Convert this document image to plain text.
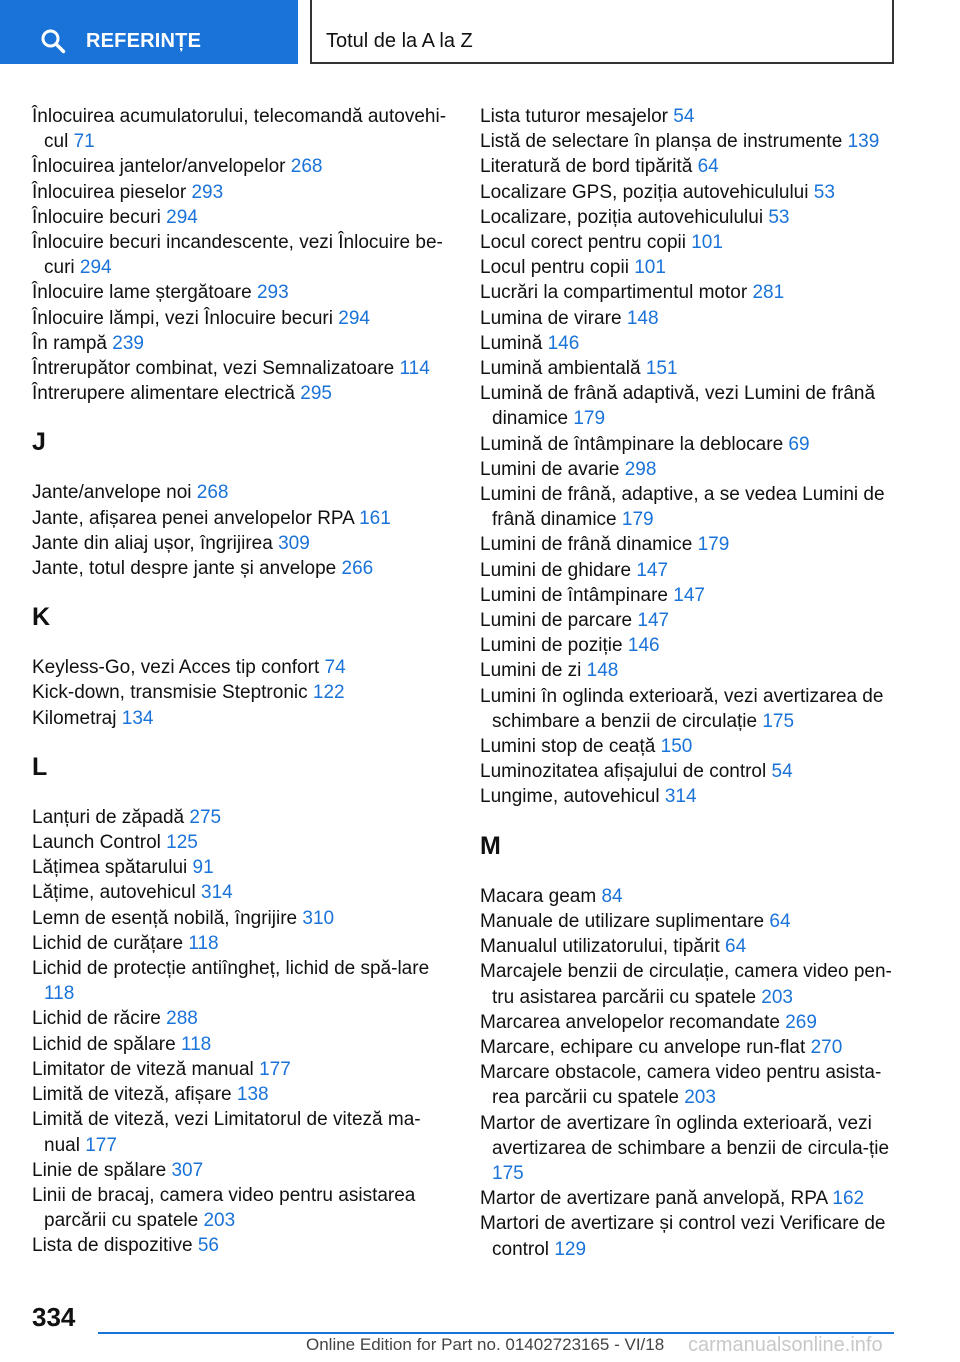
REFERINȚE	Totul de la A la Z
Înlocuirea acumulatorului, telecomandă autovehi-cul 71
Înlocuirea jantelor/anvelopelor 268
Înlocuirea pieselor 293
Înlocuire becuri 294
Înlocuire becuri incandescente, vezi Înlocuire be-curi 294
Înlocuire lame ștergătoare 293
Înlocuire lămpi, vezi Înlocuire becuri 294
În rampă 239
Întrerupător combinat, vezi Semnalizatoare 114
Întrerupere alimentare electrică 295
J
Jante/anvelope noi 268
Jante, afișarea penei anvelopelor RPA 161
Jante din aliaj ușor, îngrijirea 309
Jante, totul despre jante și anvelope 266
K
Keyless-Go, vezi Acces tip confort 74
Kick-down, transmisie Steptronic 122
Kilometraj 134
L
Lanțuri de zăpadă 275
Launch Control 125
Lățimea spătarului 91
Lățime, autovehicul 314
Lemn de esență nobilă, îngrijire 310
Lichid de curățare 118
Lichid de protecție antiîngheț, lichid de spă-lare 118
Lichid de răcire 288
Lichid de spălare 118
Limitator de viteză manual 177
Limită de viteză, afișare 138
Limită de viteză, vezi Limitatorul de viteză ma-nual 177
Linie de spălare 307
Linii de bracaj, camera video pentru asistarea parcării cu spatele 203
Lista de dispozitive 56
Lista tuturor mesajelor 54
Listă de selectare în planșa de instrumente 139
Literatură de bord tipărită 64
Localizare GPS, poziția autovehiculului 53
Localizare, poziția autovehiculului 53
Locul corect pentru copii 101
Locul pentru copii 101
Lucrări la compartimentul motor 281
Lumina de virare 148
Lumină 146
Lumină ambientală 151
Lumină de frână adaptivă, vezi Lumini de frână dinamice 179
Lumină de întâmpinare la deblocare 69
Lumini de avarie 298
Lumini de frână, adaptive, a se vedea Lumini de frână dinamice 179
Lumini de frână dinamice 179
Lumini de ghidare 147
Lumini de întâmpinare 147
Lumini de parcare 147
Lumini de poziție 146
Lumini de zi 148
Lumini în oglinda exterioară, vezi avertizarea de schimbare a benzii de circulație 175
Lumini stop de ceață 150
Luminozitatea afișajului de control 54
Lungime, autovehicul 314
M
Macara geam 84
Manuale de utilizare suplimentare 64
Manualul utilizatorului, tipărit 64
Marcajele benzii de circulație, camera video pen-tru asistarea parcării cu spatele 203
Marcarea anvelopelor recomandate 269
Marcare, echipare cu anvelope run-flat 270
Marcare obstacole, camera video pentru asista-rea parcării cu spatele 203
Martor de avertizare în oglinda exterioară, vezi avertizarea de schimbare a benzii de circula-ție 175
Martor de avertizare pană anvelopă, RPA 162
Martori de avertizare și control vezi Verificare de control 129
334
Online Edition for Part no. 01402723165 - VI/18 carmanualsonline.info
